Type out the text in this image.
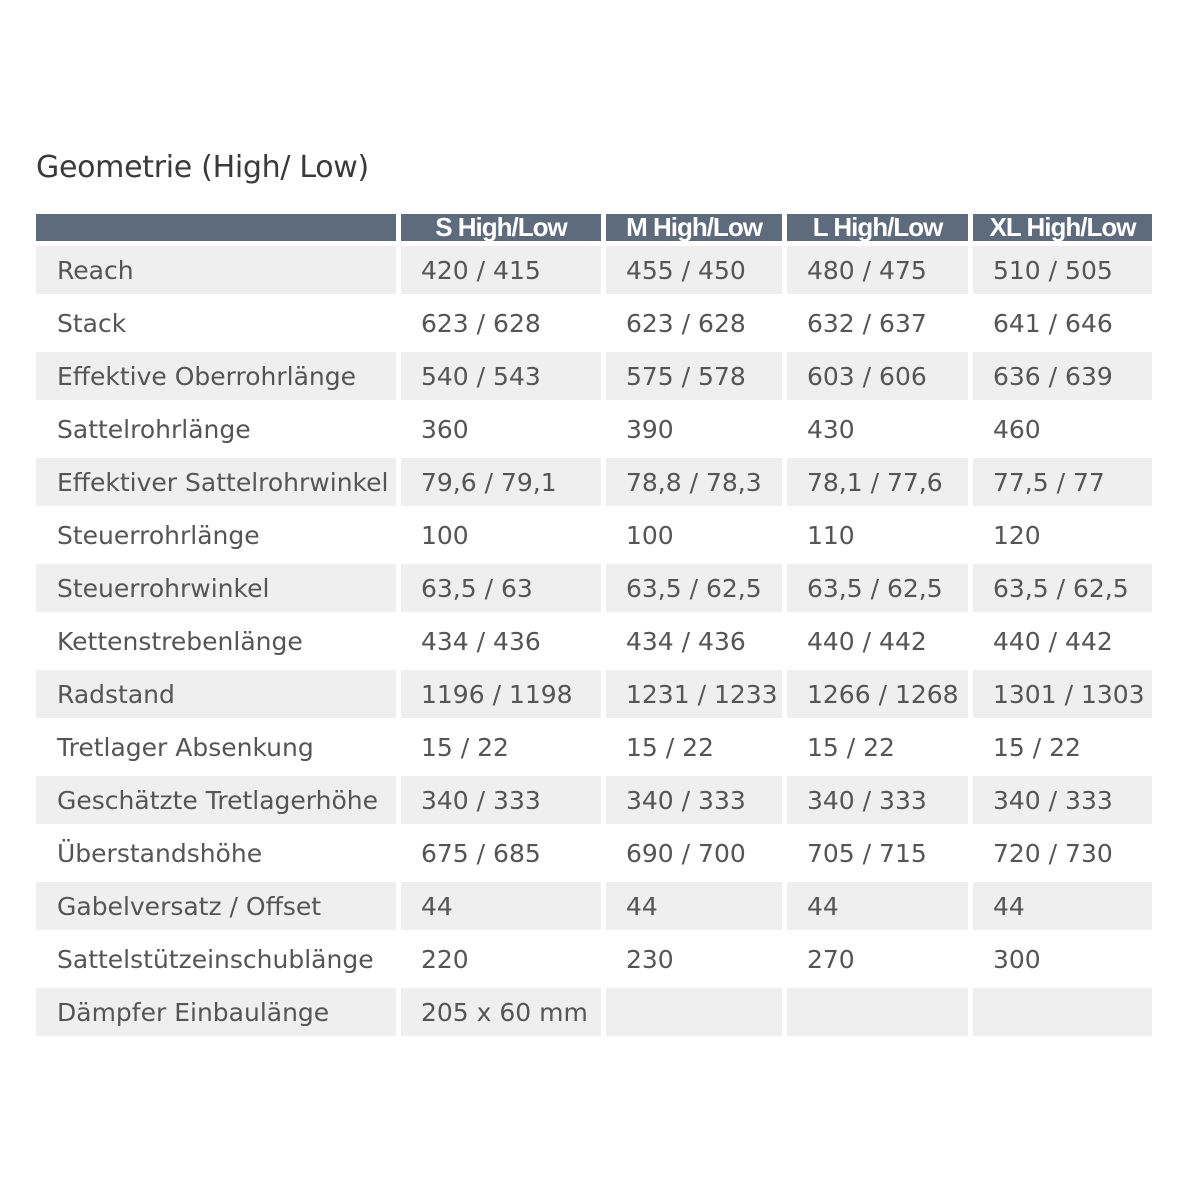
Geometrie (High/ Low)
	S High/Low	M High/Low	L High/Low	XL High/Low
Reach	420 / 415	455 / 450	480 / 475	510 / 505
Stack	623 / 628	623 / 628	632 / 637	641 / 646
Effektive Oberrohrlänge	540 / 543	575 / 578	603 / 606	636 / 639
Sattelrohrlänge	360	390	430	460
Effektiver Sattelrohrwinkel	79,6 / 79,1	78,8 / 78,3	78,1 / 77,6	77,5 / 77
Steuerrohrlänge	100	100	110	120
Steuerrohrwinkel	63,5 / 63	63,5 / 62,5	63,5 / 62,5	63,5 / 62,5
Kettenstrebenlänge	434 / 436	434 / 436	440 / 442	440 / 442
Radstand	1196 / 1198	1231 / 1233	1266 / 1268	1301 / 1303
Tretlager Absenkung	15 / 22	15 / 22	15 / 22	15 / 22
Geschätzte Tretlagerhöhe	340 / 333	340 / 333	340 / 333	340 / 333
Überstandshöhe	675 / 685	690 / 700	705 / 715	720 / 730
Gabelversatz / Offset	44	44	44	44
Sattelstützeinschublänge	220	230	270	300
Dämpfer Einbaulänge	205 x 60 mm			
